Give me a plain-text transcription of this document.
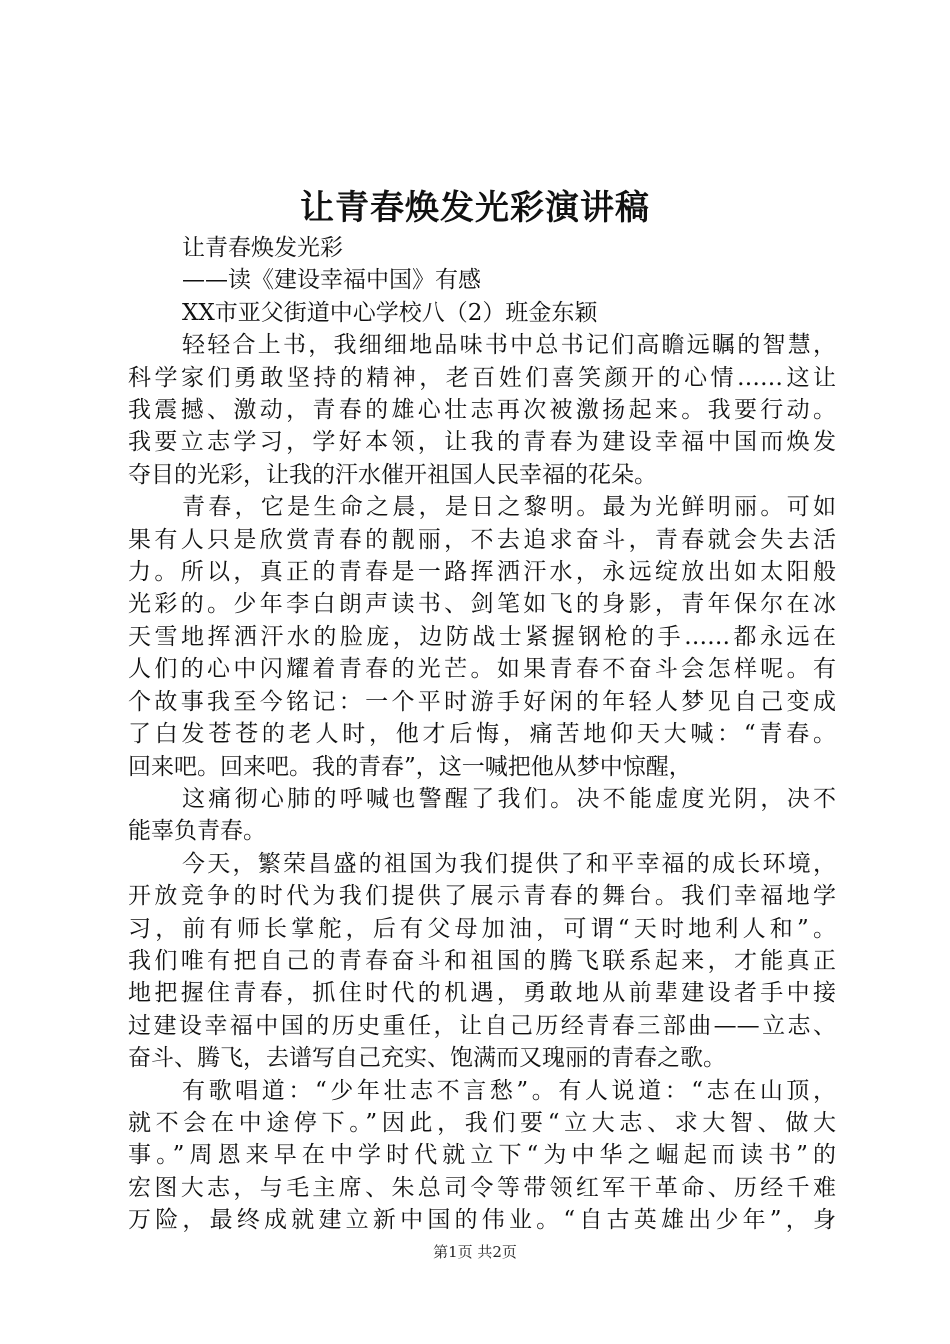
让青春焕发光彩演讲稿
让青春焕发光彩
——读《建设幸福中国》有感
XX市亚父街道中心学校八（2）班金东颖
轻轻合上书，我细细地品味书中总书记们高瞻远瞩的智慧，
科学家们勇敢坚持的精神，老百姓们喜笑颜开的心情……这让
我震撼、激动，青春的雄心壮志再次被激扬起来。我要行动。
我要立志学习，学好本领，让我的青春为建设幸福中国而焕发
夺目的光彩，让我的汗水催开祖国人民幸福的花朵。
青春，它是生命之晨，是日之黎明。最为光鲜明丽。可如
果有人只是欣赏青春的靓丽，不去追求奋斗，青春就会失去活
力。所以，真正的青春是一路挥洒汗水，永远绽放出如太阳般
光彩的。少年李白朗声读书、剑笔如飞的身影，青年保尔在冰
天雪地挥洒汗水的脸庞，边防战士紧握钢枪的手……都永远在
人们的心中闪耀着青春的光芒。如果青春不奋斗会怎样呢。有
个故事我至今铭记：一个平时游手好闲的年轻人梦见自己变成
了白发苍苍的老人时，他才后悔，痛苦地仰天大喊：“青春。
回来吧。回来吧。我的青春”，这一喊把他从梦中惊醒，
这痛彻心肺的呼喊也警醒了我们。决不能虚度光阴，决不
能辜负青春。
今天，繁荣昌盛的祖国为我们提供了和平幸福的成长环境，
开放竞争的时代为我们提供了展示青春的舞台。我们幸福地学
习，前有师长掌舵，后有父母加油，可谓“天时地利人和”。
我们唯有把自己的青春奋斗和祖国的腾飞联系起来，才能真正
地把握住青春，抓住时代的机遇，勇敢地从前辈建设者手中接
过建设幸福中国的历史重任，让自己历经青春三部曲——立志、
奋斗、腾飞，去谱写自己充实、饱满而又瑰丽的青春之歌。
有歌唱道：“少年壮志不言愁”。有人说道：“志在山顶，
就不会在中途停下。”因此，我们要“立大志、求大智、做大
事。”周恩来早在中学时代就立下“为中华之崛起而读书”的
宏图大志，与毛主席、朱总司令等带领红军干革命、历经千难
万险，最终成就建立新中国的伟业。“自古英雄出少年”，身
第1页 共2页
